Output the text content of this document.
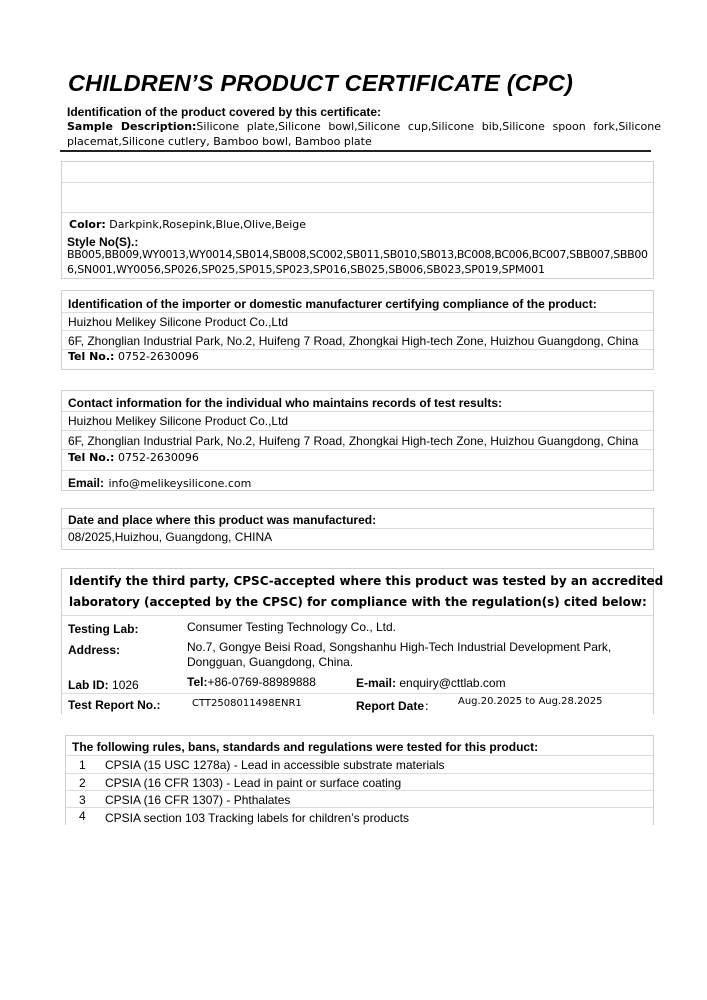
CHILDREN’S PRODUCT CERTIFICATE (CPC)
Identification of the product covered by this certificate:
Sample Description:Silicone plate,Silicone bowl,Silicone cup,Silicone bib,Silicone spoon fork,Silicone
placemat,Silicone cutlery, Bamboo bowl, Bamboo plate
Color: Darkpink,Rosepink,Blue,Olive,Beige
Style No(S).:
BB005,BB009,WY0013,WY0014,SB014,SB008,SC002,SB011,SB010,SB013,BC008,BC006,BC007,SBB007,SBB00
6,SN001,WY0056,SP026,SP025,SP015,SP023,SP016,SB025,SB006,SB023,SP019,SPM001
Identification of the importer or domestic manufacturer certifying compliance of the product:
Huizhou Melikey Silicone Product Co.,Ltd
6F, Zhonglian Industrial Park, No.2, Huifeng 7 Road, Zhongkai High-tech Zone, Huizhou Guangdong, China
Tel No.: 0752-2630096
Contact information for the individual who maintains records of test results:
Huizhou Melikey Silicone Product Co.,Ltd
6F, Zhonglian Industrial Park, No.2, Huifeng 7 Road, Zhongkai High-tech Zone, Huizhou Guangdong, China
Tel No.: 0752-2630096
Email: info@melikeysilicone.com
Date and place where this product was manufactured:
08/2025,Huizhou, Guangdong, CHINA
Identify the third party, CPSC-accepted where this product was tested by an accredited
laboratory (accepted by the CPSC) for compliance with the regulation(s) cited below:
Testing Lab:	Consumer Testing Technology Co., Ltd.
Address:	No.7, Gongye Beisi Road, Songshanhu High-Tech Industrial Development Park,
Dongguan, Guangdong, China.
Lab ID: 1026	Tel:+86-0769-88989888	E-mail: enquiry@cttlab.com
Test Report No.:	CTT2508011498ENR1	Report Date： Aug.20.2025 to Aug.28.2025
The following rules, bans, standards and regulations were tested for this product:
1 CPSIA (15 USC 1278a) - Lead in accessible substrate materials
2 CPSIA (16 CFR 1303) - Lead in paint or surface coating
3 CPSIA (16 CFR 1307) - Phthalates
4 CPSIA section 103 Tracking labels for children’s products
